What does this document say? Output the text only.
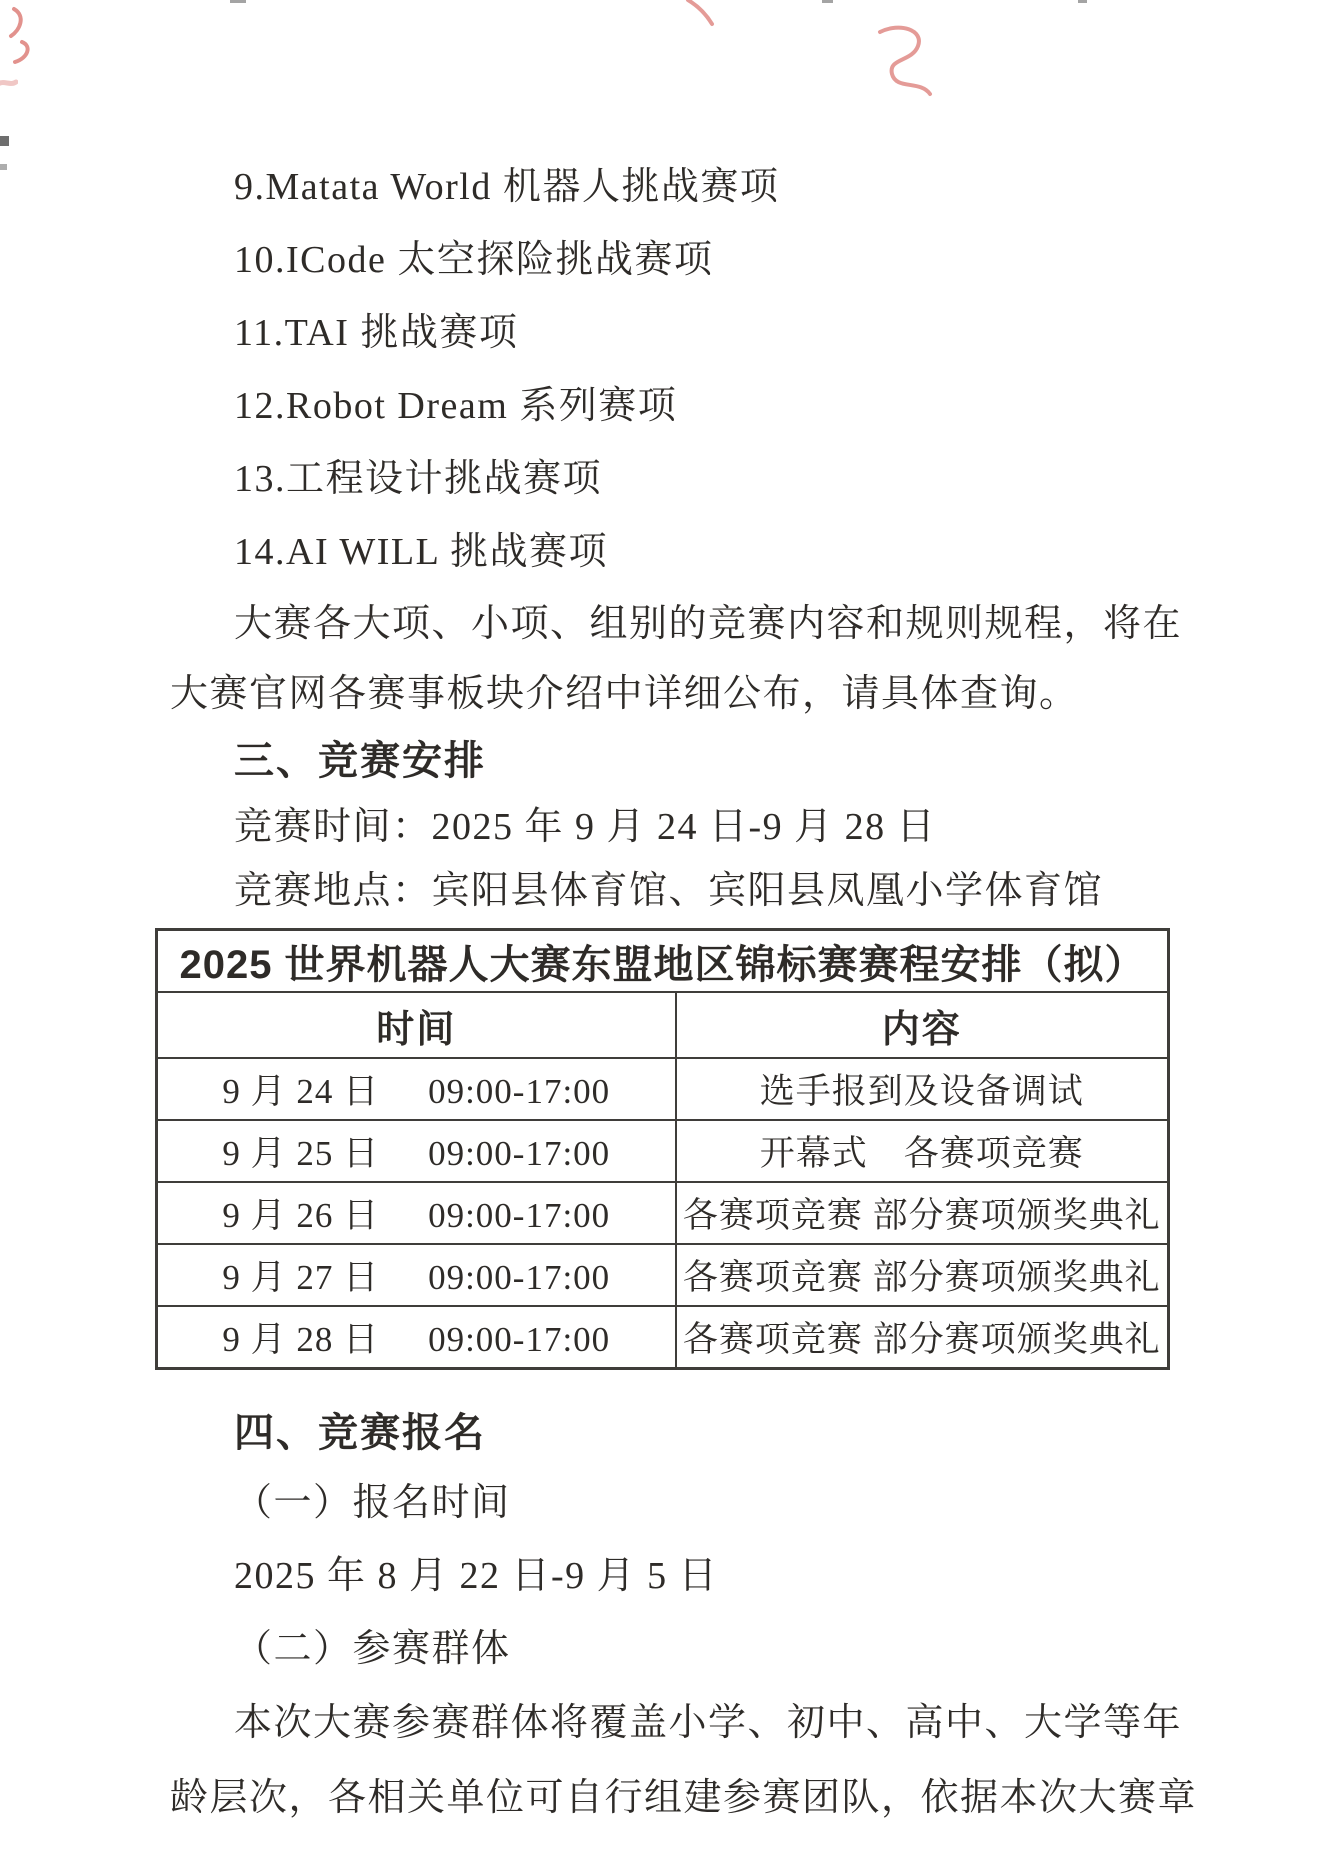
9.Matata World 机器人挑战赛项

10.ICode 太空探险挑战赛项

11.TAI 挑战赛项

12.Robot Dream 系列赛项

13.工程设计挑战赛项

14.AI WILL 挑战赛项

大赛各大项、小项、组别的竞赛内容和规则规程，将在

大赛官网各赛事板块介绍中详细公布，请具体查询。

三、竞赛安排

竞赛时间：2025 年 9 月 24 日-9 月 28 日

竞赛地点：宾阳县体育馆、宾阳县凤凰小学体育馆

2025 世界机器人大赛东盟地区锦标赛赛程安排（拟）	
时间	内容
9 月 24 日 09:00-17:00	选手报到及设备调试
9 月 25 日 09:00-17:00	开幕式　各赛项竞赛
9 月 26 日 09:00-17:00	各赛项竞赛 部分赛项颁奖典礼
9 月 27 日 09:00-17:00	各赛项竞赛 部分赛项颁奖典礼
9 月 28 日 09:00-17:00	各赛项竞赛 部分赛项颁奖典礼
四、竞赛报名

（一）报名时间

2025 年 8 月 22 日-9 月 5 日

（二）参赛群体

本次大赛参赛群体将覆盖小学、初中、高中、大学等年

龄层次，各相关单位可自行组建参赛团队，依据本次大赛章
